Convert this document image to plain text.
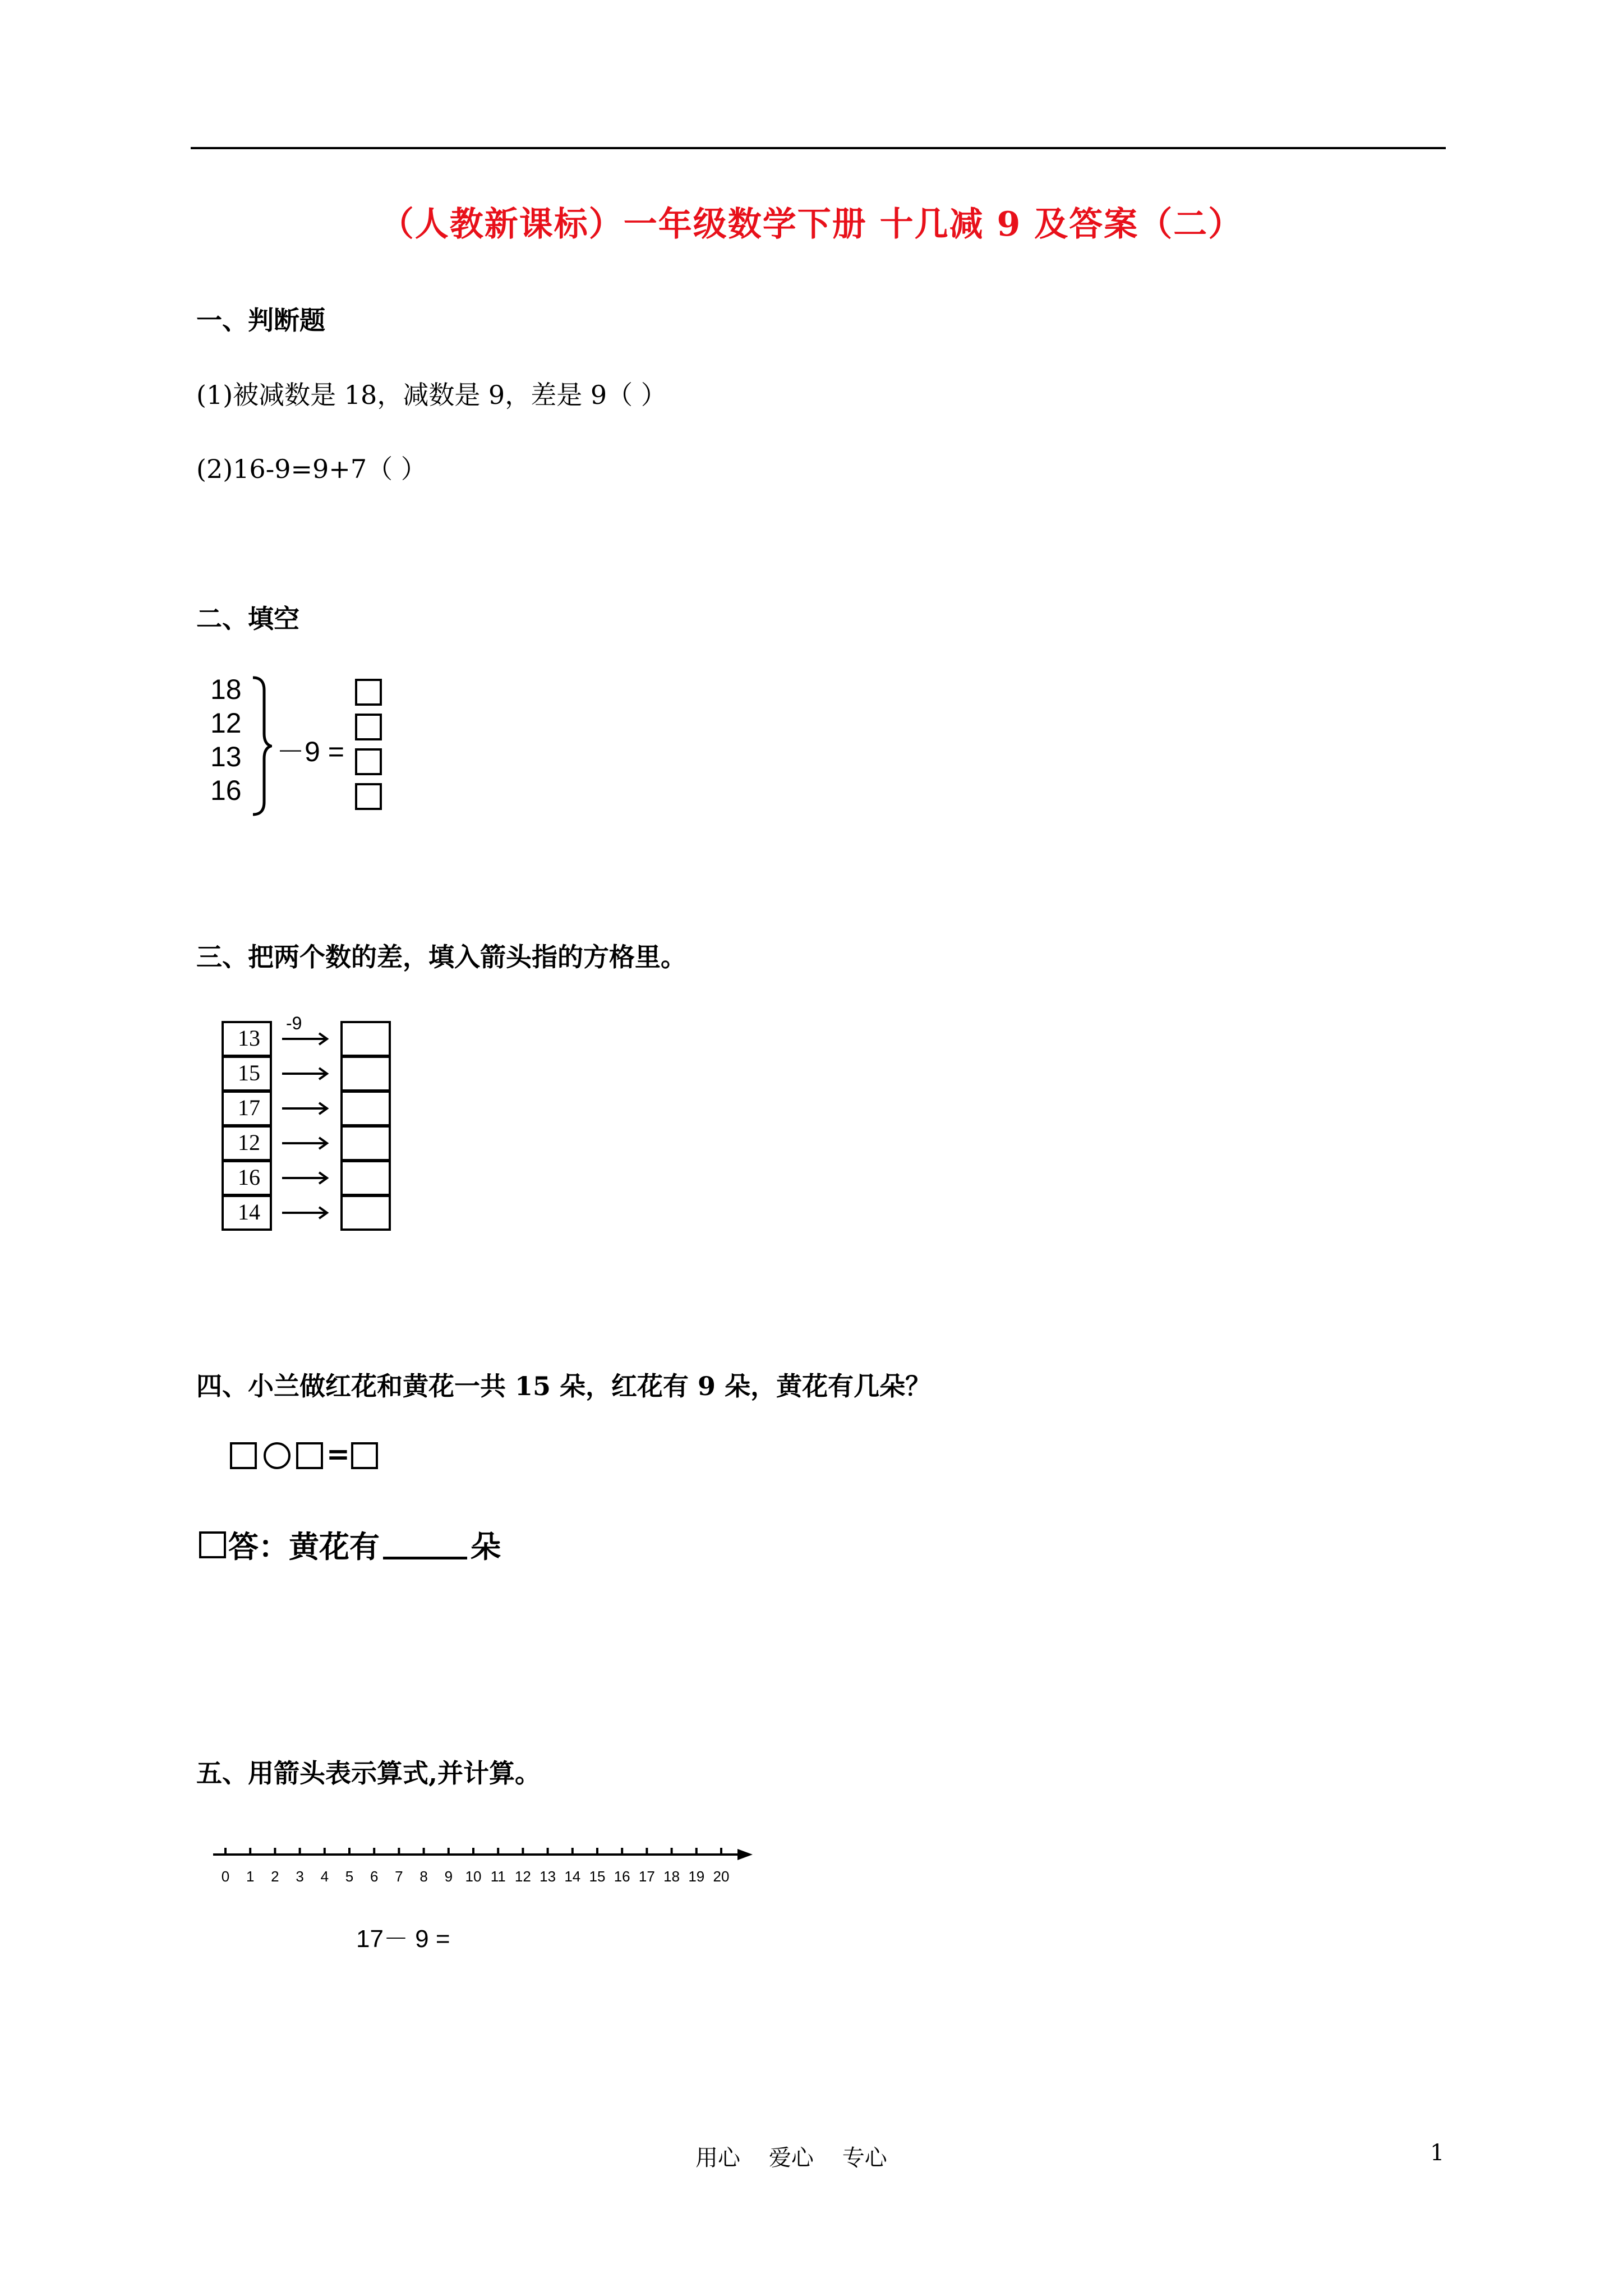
（人教新课标）一年级数学下册 十几减 9 及答案（二）
一、判断题
(1)被减数是 18，减数是 9，差是 9（ ）
(2)16-9=9+7（ ）
二、填空
18
12
13
16
－9 =
三、把两个数的差，填入箭头指的方格里。
-9
13
15
17
12
16
14
四、小兰做红花和黄花一共 15 朵，红花有 9 朵，黄花有几朵？
=
答：黄花有	朵
五、用箭头表示算式,并计算。
0	1	2	3	4	5	6	7	8	9 10 11 12 13 14 15 16 17 18 19 20
17－ 9 =
用心    爱心    专心	1
